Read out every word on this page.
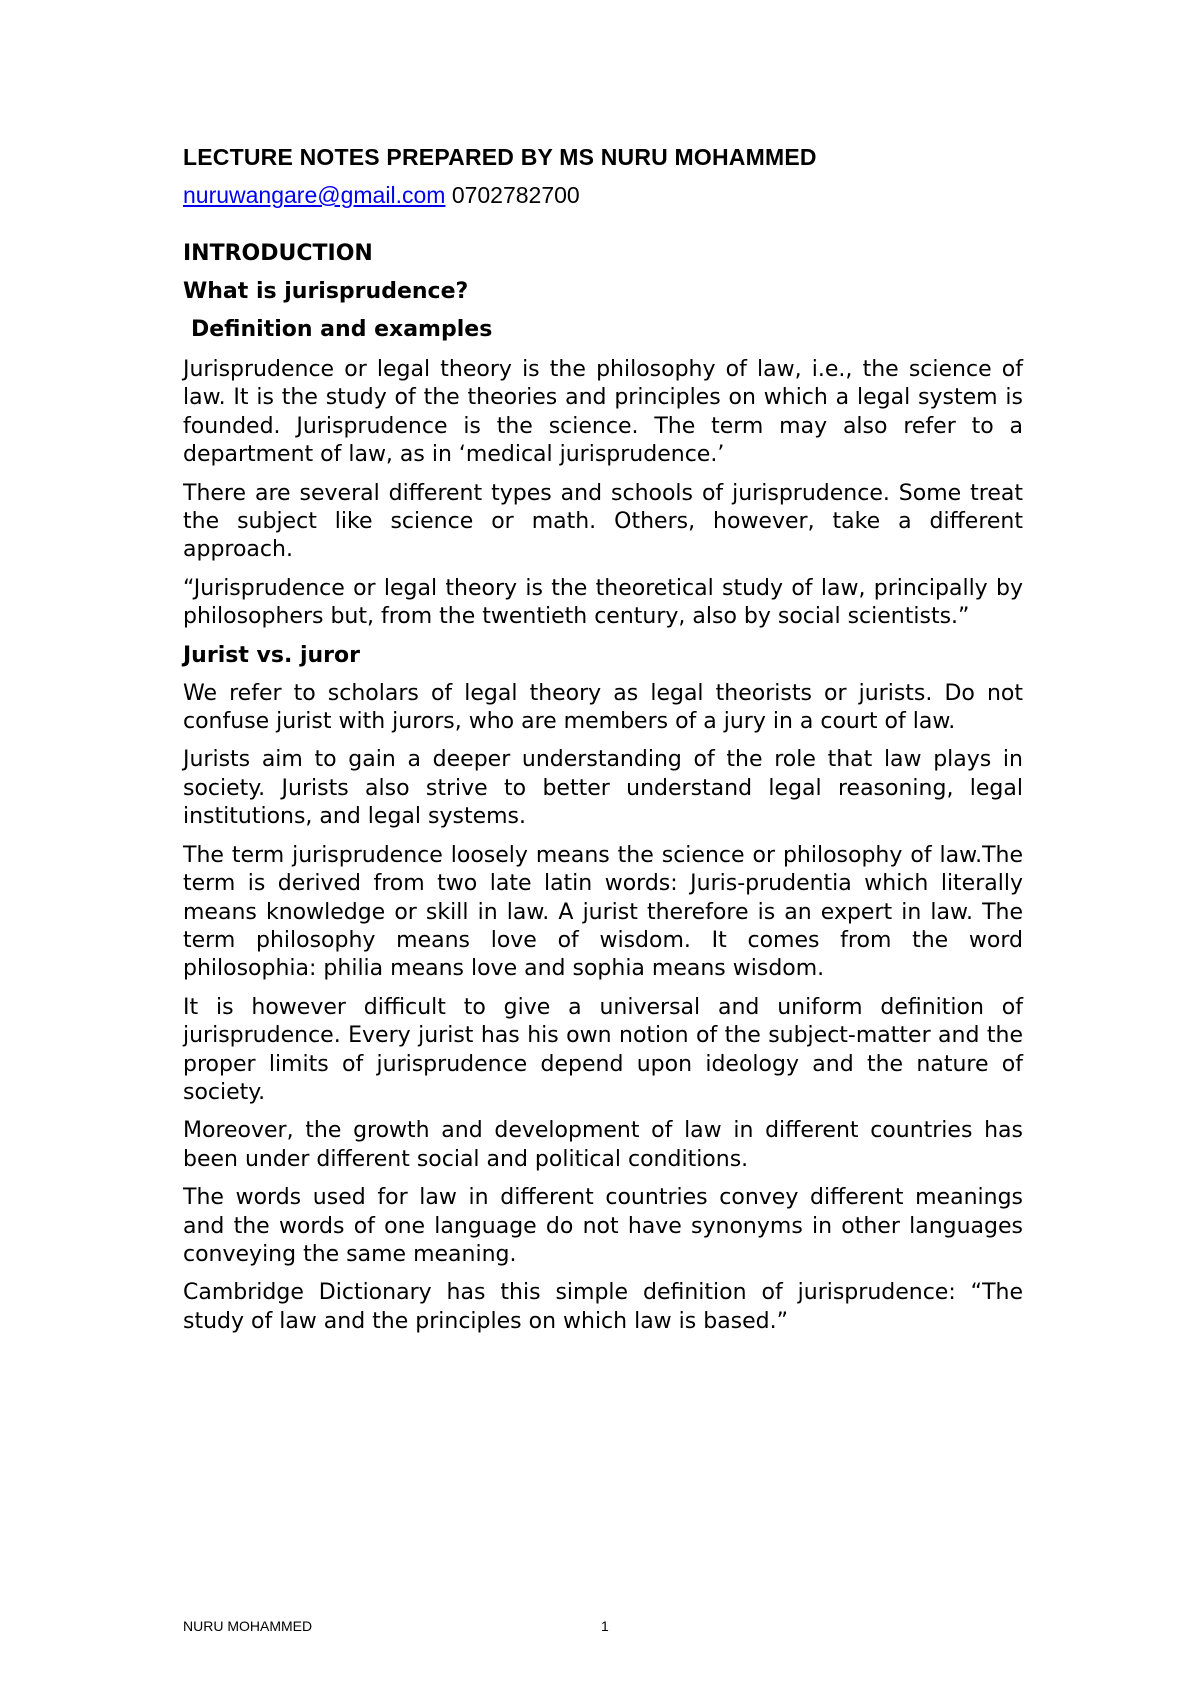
LECTURE NOTES PREPARED BY MS NURU MOHAMMED
nuruwangare@gmail.com 0702782700
INTRODUCTION
What is jurisprudence?
Definition and examples

Jurisprudence or legal theory is the philosophy of law, i.e., the science of law. It is the study of the theories and principles on which a legal system is founded. Jurisprudence is the science. The term may also refer to a department of law, as in ‘medical jurisprudence.’

There are several different types and schools of jurisprudence. Some treat the subject like science or math. Others, however, take a different approach.

“Jurisprudence or legal theory is the theoretical study of law, principally by philosophers but, from the twentieth century, also by social scientists.”

Jurist vs. juror

We refer to scholars of legal theory as legal theorists or jurists. Do not confuse jurist with jurors, who are members of a jury in a court of law.

Jurists aim to gain a deeper understanding of the role that law plays in society. Jurists also strive to better understand legal reasoning, legal institutions, and legal systems.

The term jurisprudence loosely means the science or philosophy of law.The term is derived from two late latin words: Juris-prudentia which literally means knowledge or skill in law. A jurist therefore is an expert in law. The term philosophy means love of wisdom. It comes from the word philosophia: philia means love and sophia means wisdom.

It is however difficult to give a universal and uniform definition of jurisprudence. Every jurist has his own notion of the subject-matter and the proper limits of jurisprudence depend upon ideology and the nature of society.

Moreover, the growth and development of law in different countries has been under different social and political conditions.

The words used for law in different countries convey different meanings and the words of one language do not have synonyms in other languages conveying the same meaning.

Cambridge Dictionary has this simple definition of jurisprudence: “The study of law and the principles on which law is based.”

NURU MOHAMMED	1
